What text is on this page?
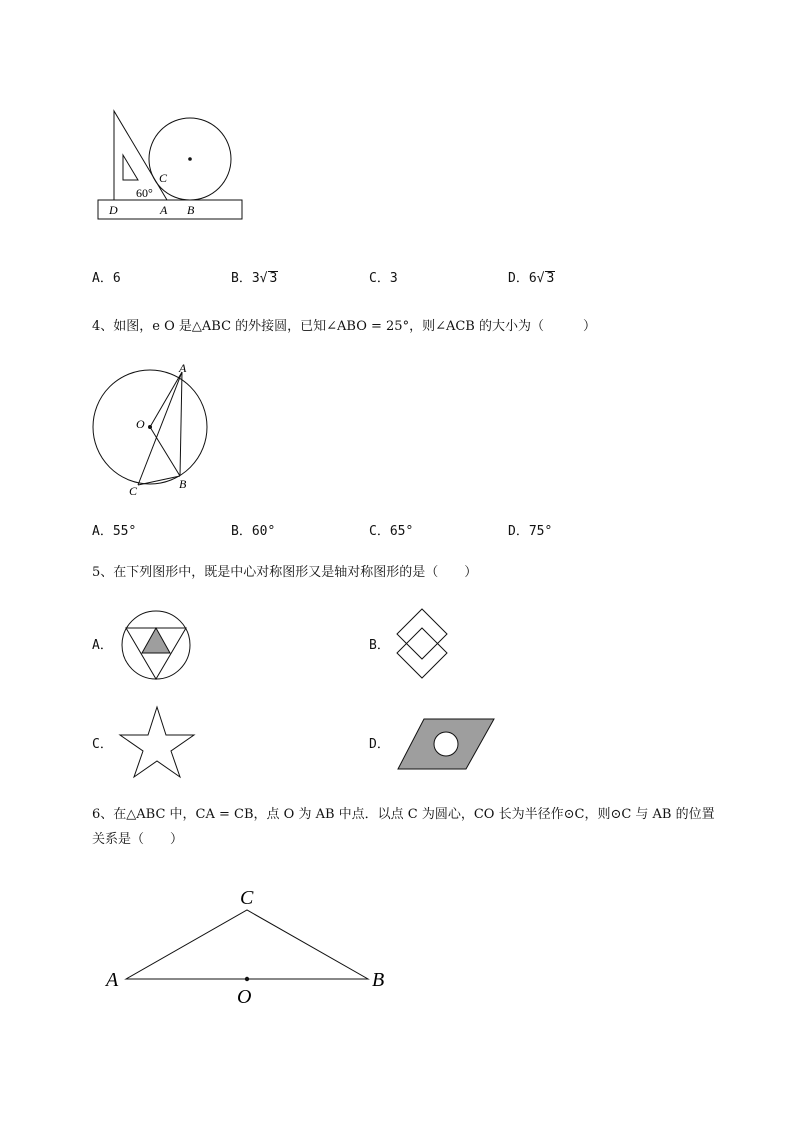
C
60°
D	A B
A．6	B．3√ 3	C．3	D．6√ 3
4、如图，e O 是△ABC 的外接圆，已知∠ABO = 25°，则∠ACB 的大小为（　　　）
A
O
B
C
A．55°	B．60°	C．65°	D．75°
5、在下列图形中，既是中心对称图形又是轴对称图形的是（　　）
A．	B．
C．	D．
6、在△ABC 中，CA = CB，点 O 为 AB 中点．以点 C 为圆心，CO 长为半径作⊙C，则⊙C 与 AB 的位置
关系是（　　）
C
A	B
O
